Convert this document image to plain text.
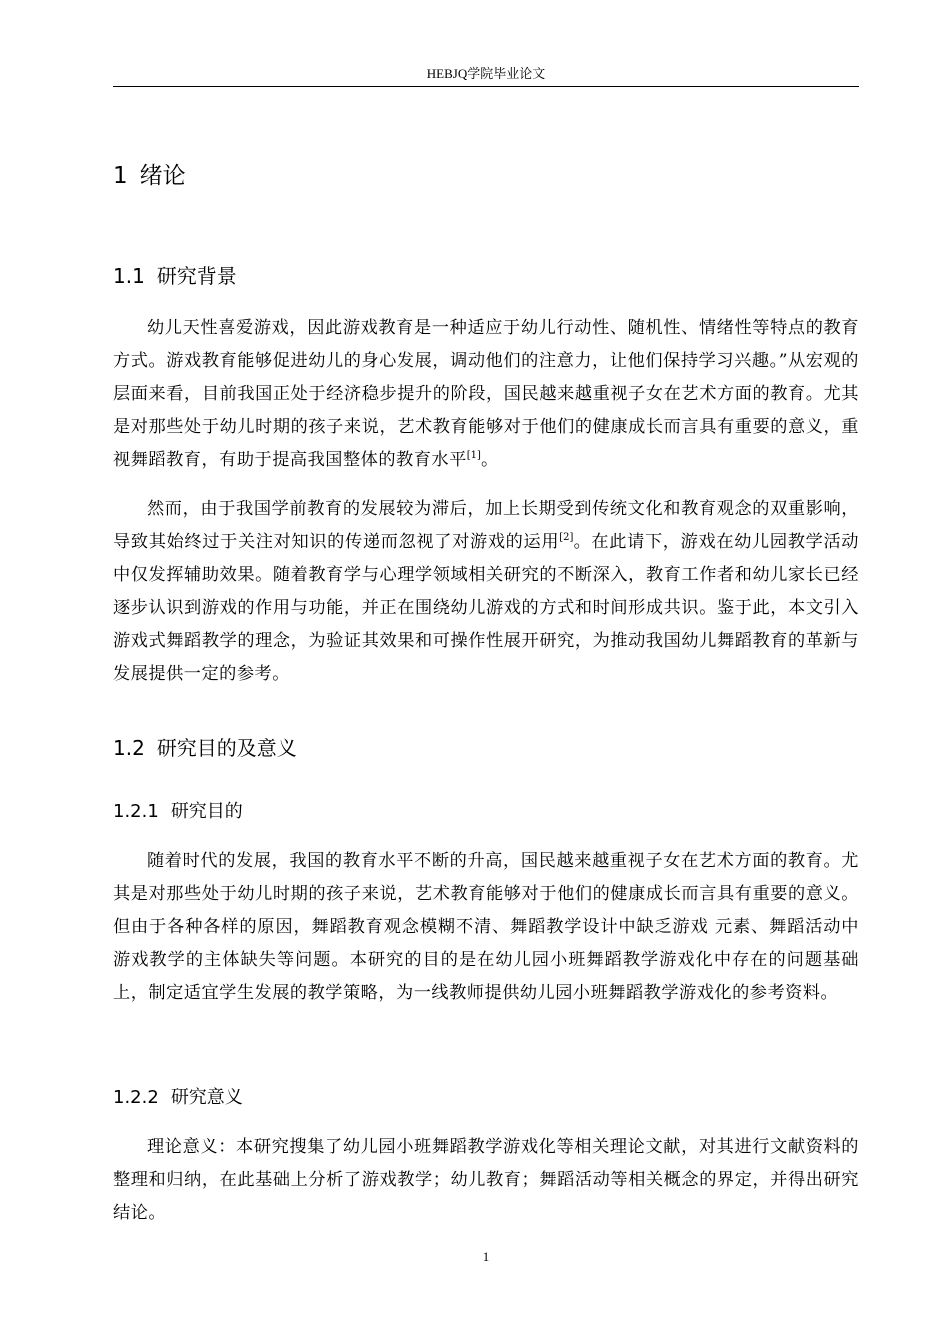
HEBJQ学院毕业论文
1 绪论
1.1 研究背景

幼儿天性喜爱游戏，因此游戏教育是一种适应于幼儿行动性、随机性、情绪性等特点的教育方式。游戏教育能够促进幼儿的身心发展，调动他们的注意力，让他们保持学习兴趣。”从宏观的层面来看，目前我国正处于经济稳步提升的阶段，国民越来越重视子女在艺术方面的教育。尤其是对那些处于幼儿时期的孩子来说，艺术教育能够对于他们的健康成长而言具有重要的意义，重视舞蹈教育，有助于提高我国整体的教育水平[1]。

然而，由于我国学前教育的发展较为滞后，加上长期受到传统文化和教育观念的双重影响，导致其始终过于关注对知识的传递而忽视了对游戏的运用[2]。在此请下，游戏在幼儿园教学活动中仅发挥辅助效果。随着教育学与心理学领域相关研究的不断深入，教育工作者和幼儿家长已经逐步认识到游戏的作用与功能，并正在围绕幼儿游戏的方式和时间形成共识。鉴于此，本文引入游戏式舞蹈教学的理念，为验证其效果和可操作性展开研究，为推动我国幼儿舞蹈教育的革新与发展提供一定的参考。

1.2 研究目的及意义
1.2.1 研究目的

随着时代的发展，我国的教育水平不断的升高，国民越来越重视子女在艺术方面的教育。尤其是对那些处于幼儿时期的孩子来说，艺术教育能够对于他们的健康成长而言具有重要的意义。但由于各种各样的原因，舞蹈教育观念模糊不清、舞蹈教学设计中缺乏游戏 元素、舞蹈活动中游戏教学的主体缺失等问题。本研究的目的是在幼儿园小班舞蹈教学游戏化中存在的问题基础上，制定适宜学生发展的教学策略，为一线教师提供幼儿园小班舞蹈教学游戏化的参考资料。

1.2.2 研究意义

理论意义：本研究搜集了幼儿园小班舞蹈教学游戏化等相关理论文献，对其进行文献资料的整理和归纳，在此基础上分析了游戏教学；幼儿教育；舞蹈活动等相关概念的界定，并得出研究结论。

1
